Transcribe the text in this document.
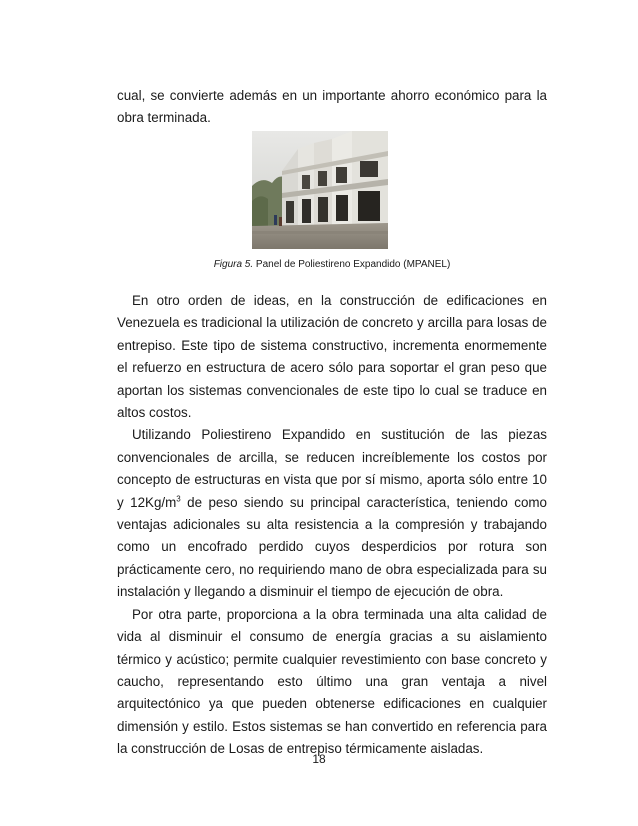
cual, se convierte además en un importante ahorro económico para la obra terminada.

Figura 5. Panel de Poliestireno Expandido (MPANEL)

En otro orden de ideas, en la construcción de edificaciones en Venezuela es tradicional la utilización de concreto y arcilla para losas de entrepiso. Este tipo de sistema constructivo, incrementa enormemente el refuerzo en estructura de acero sólo para soportar el gran peso que aportan los sistemas convencionales de este tipo lo cual se traduce en altos costos.

Utilizando Poliestireno Expandido en sustitución de las piezas convencionales de arcilla, se reducen increíblemente los costos por concepto de estructuras en vista que por sí mismo, aporta sólo entre 10 y $12Kg/m^3$ de peso siendo su principal característica, teniendo como ventajas adicionales su alta resistencia a la compresión y trabajando como un encofrado perdido cuyos desperdicios por rotura son prácticamente cero, no requiriendo mano de obra especializada para su instalación y llegando a disminuir el tiempo de ejecución de obra.

Por otra parte, proporciona a la obra terminada una alta calidad de vida al disminuir el consumo de energía gracias a su aislamiento térmico y acústico; permite cualquier revestimiento con base concreto y caucho, representando esto último una gran ventaja a nivel arquitectónico ya que pueden obtenerse edificaciones en cualquier dimensión y estilo. Estos sistemas se han convertido en referencia para la construcción de Losas de entrepiso térmicamente aisladas.

18
